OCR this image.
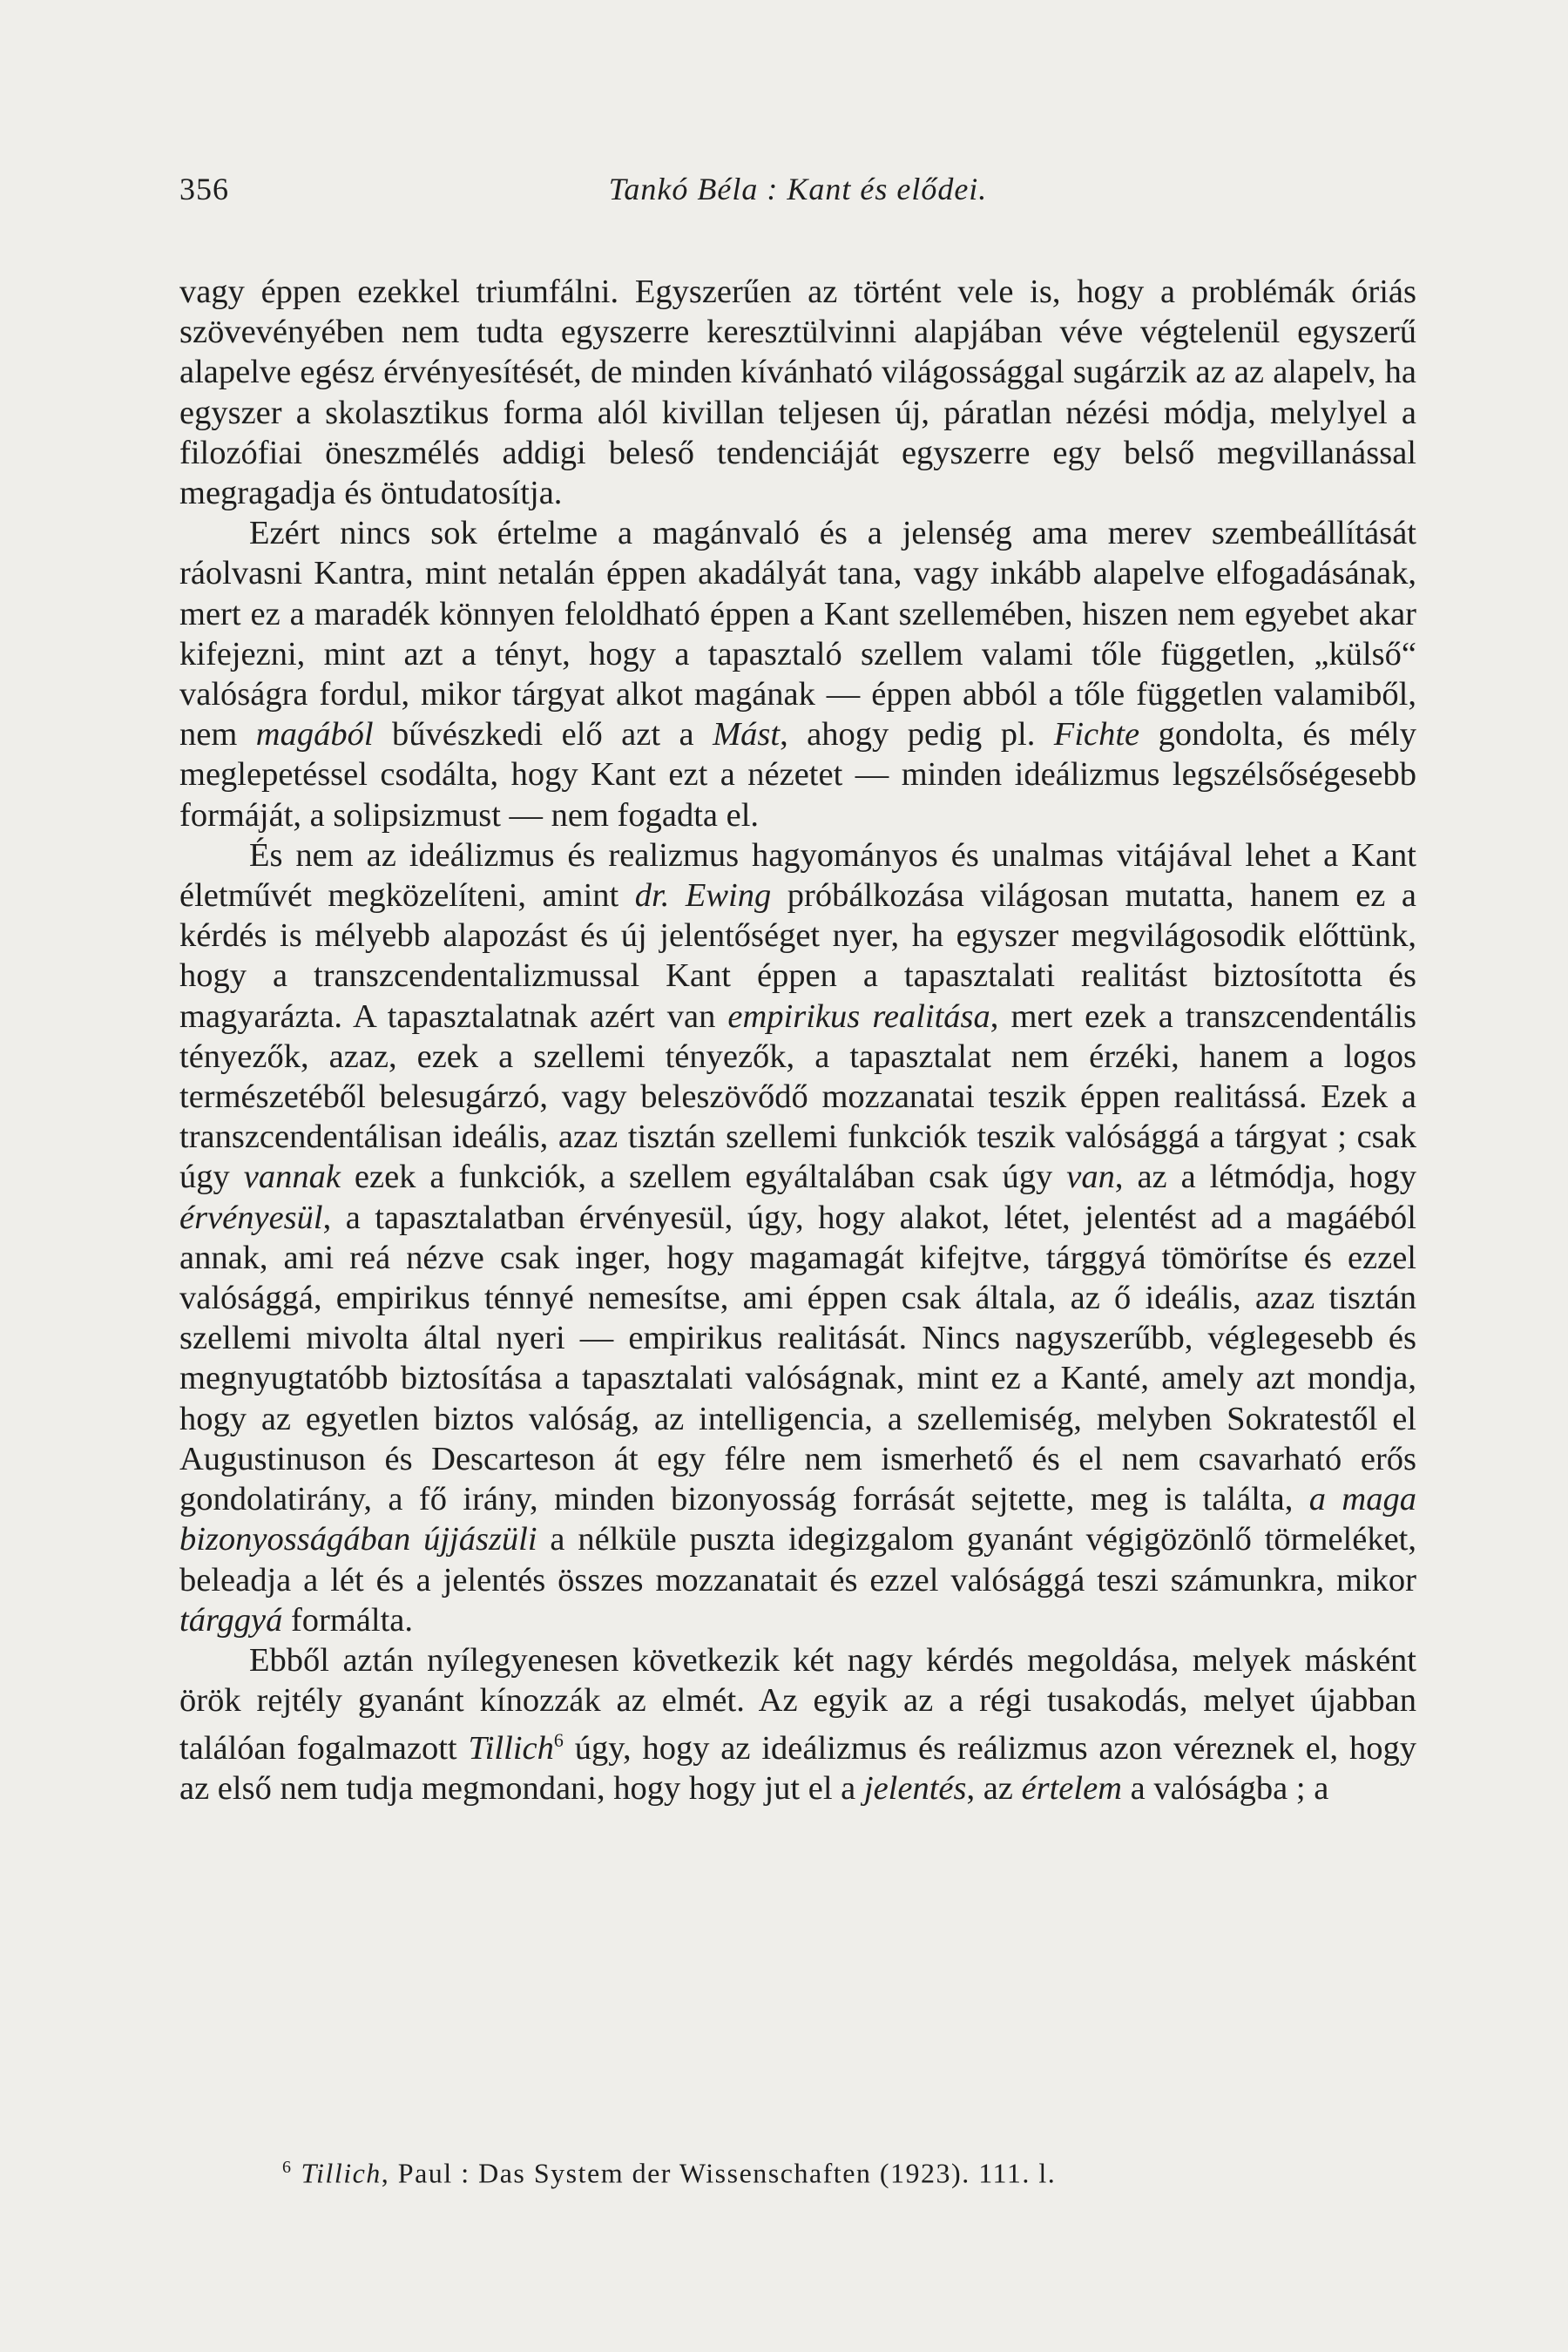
356	Tankó Béla : Kant és elődei.

vagy éppen ezekkel triumfálni. Egyszerűen az történt vele is, hogy a problémák óriás szövevényében nem tudta egyszerre keresztülvinni alapjában véve végtelenül egyszerű alapelve egész érvényesítését, de minden kívánható világossággal sugárzik az az alapelv, ha egyszer a skolasztikus forma alól kivillan teljesen új, páratlan nézési módja, melylyel a filozófiai öneszmélés addigi beleső tendenciáját egyszerre egy belső megvillanással megragadja és öntudatosítja.

Ezért nincs sok értelme a magánvaló és a jelenség ama merev szembeállítását ráolvasni Kantra, mint netalán éppen akadályát tana, vagy inkább alapelve elfogadásának, mert ez a maradék könnyen feloldható éppen a Kant szellemében, hiszen nem egyebet akar kifejezni, mint azt a tényt, hogy a tapasztaló szellem valami tőle független, „külső“ valóságra fordul, mikor tárgyat alkot magának — éppen abból a tőle független valamiből, nem magából bűvészkedi elő azt a Mást, ahogy pedig pl. Fichte gondolta, és mély meglepetéssel csodálta, hogy Kant ezt a nézetet — minden ideálizmus legszélsőségesebb formáját, a solipsizmust — nem fogadta el.

És nem az ideálizmus és realizmus hagyományos és unalmas vitájával lehet a Kant életművét megközelíteni, amint dr. Ewing próbálkozása világosan mutatta, hanem ez a kérdés is mélyebb alapozást és új jelentőséget nyer, ha egyszer megvilágosodik előttünk, hogy a transzcendentalizmussal Kant éppen a tapasztalati realitást biztosította és magyarázta. A tapasztalatnak azért van empirikus realitása, mert ezek a transzcendentális tényezők, azaz, ezek a szellemi tényezők, a tapasztalat nem érzéki, hanem a logos természetéből belesugárzó, vagy beleszövődő mozzanatai teszik éppen realitássá. Ezek a transzcendentálisan ideális, azaz tisztán szellemi funkciók teszik valósággá a tárgyat ; csak úgy vannak ezek a funkciók, a szellem egyáltalában csak úgy van, az a létmódja, hogy érvényesül, a tapasztalatban érvényesül, úgy, hogy alakot, létet, jelentést ad a magáéból annak, ami reá nézve csak inger, hogy magamagát kifejtve, tárggyá tömörítse és ezzel valósággá, empirikus ténnyé nemesítse, ami éppen csak általa, az ő ideális, azaz tisztán szellemi mivolta által nyeri — empirikus realitását. Nincs nagyszerűbb, véglegesebb és megnyugtatóbb biztosítása a tapasztalati valóságnak, mint ez a Kanté, amely azt mondja, hogy az egyetlen biztos valóság, az intelligencia, a szellemiség, melyben Sokratestől el Augustinuson és Descarteson át egy félre nem ismerhető és el nem csavarható erős gondolatirány, a fő irány, minden bizonyosság forrását sejtette, meg is találta, a maga bizonyosságában újjászüli a nélküle puszta idegizgalom gyanánt végigözönlő törmeléket, beleadja a lét és a jelentés összes mozzanatait és ezzel valósággá teszi számunkra, mikor tárggyá formálta.

Ebből aztán nyílegyenesen következik két nagy kérdés megoldása, melyek másként örök rejtély gyanánt kínozzák az elmét. Az egyik az a régi tusakodás, melyet újabban találóan fogalmazott Tillich$^6$ úgy, hogy az ideálizmus és reálizmus azon véreznek el, hogy az első nem tudja megmondani, hogy hogy jut el a jelentés, az értelem a valóságba ; a

$^6$ Tillich, Paul : Das System der Wissenschaften (1923). 111. l.
